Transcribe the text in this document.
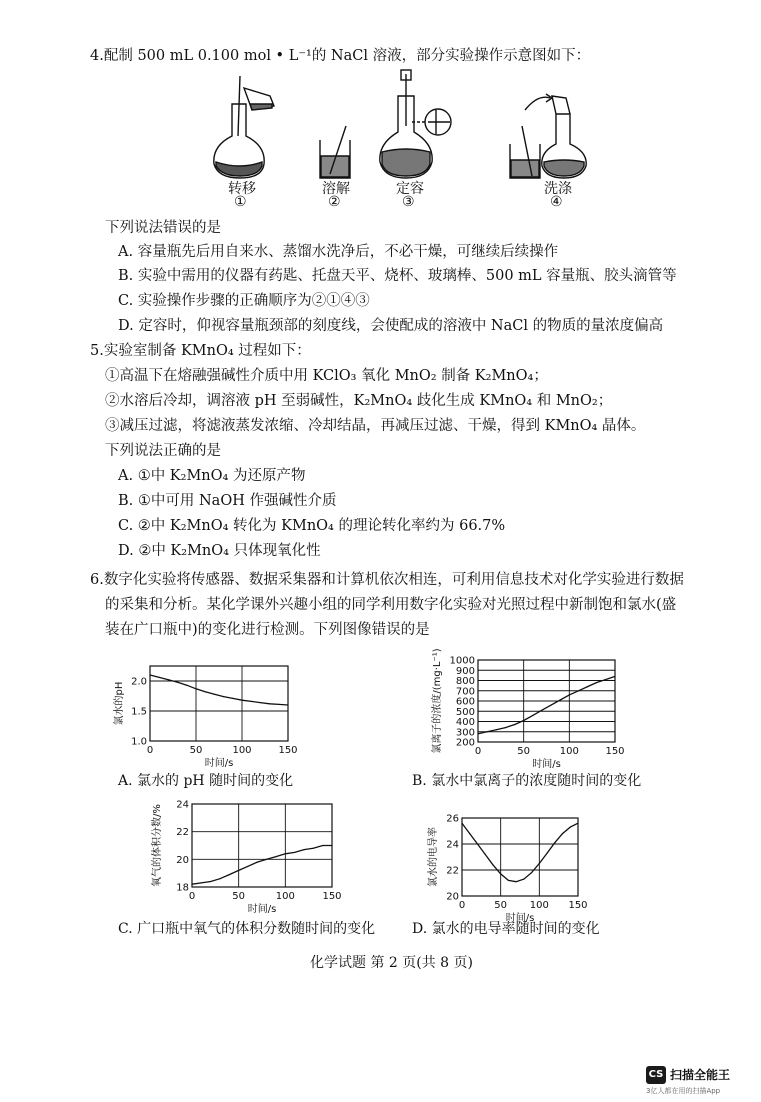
4.配制 500 mL 0.100 mol • L⁻¹的 NaCl 溶液，部分实验操作示意图如下：
转移
①
溶解
②
定容
③
洗涤
④
下列说法错误的是
A. 容量瓶先后用自来水、蒸馏水洗净后，不必干燥，可继续后续操作
B. 实验中需用的仪器有药匙、托盘天平、烧杯、玻璃棒、500 mL 容量瓶、胶头滴管等
C. 实验操作步骤的正确顺序为②①④③
D. 定容时，仰视容量瓶颈部的刻度线，会使配成的溶液中 NaCl 的物质的量浓度偏高
5.实验室制备 KMnO₄ 过程如下：
①高温下在熔融强碱性介质中用 KClO₃ 氧化 MnO₂ 制备 K₂MnO₄；
②水溶后冷却，调溶液 pH 至弱碱性，K₂MnO₄ 歧化生成 KMnO₄ 和 MnO₂；
③减压过滤，将滤液蒸发浓缩、冷却结晶，再减压过滤、干燥，得到 KMnO₄ 晶体。
下列说法正确的是
A. ①中 K₂MnO₄ 为还原产物
B. ①中可用 NaOH 作强碱性介质
C. ②中 K₂MnO₄ 转化为 KMnO₄ 的理论转化率约为 66.7%
D. ②中 K₂MnO₄ 只体现氧化性
6.数字化实验将传感器、数据采集器和计算机依次相连，可利用信息技术对化学实验进行数据
的采集和分析。某化学课外兴趣小组的同学利用数字化实验对光照过程中新制饱和氯水(盛
装在广口瓶中)的变化进行检测。下列图像错误的是
1.0
1.5
2.0
0	50	100	150
时间/s
氯水的pH
200
300
400
500
600
700
800
900
1000
0	50	100	150
时间/s
氯离子的浓度/(mg·L⁻¹)
18
20
22
24
0	50	100	150
时间/s
氧气的体积分数/%
20
22
24
26
0	50 100 150
时间/s
氯水的电导率
A. 氯水的 pH 随时间的变化	B. 氯水中氯离子的浓度随时间的变化
C. 广口瓶中氧气的体积分数随时间的变化	D. 氯水的电导率随时间的变化
化学试题 第 2 页(共 8 页)
CS 扫描全能王
3亿人都在用的扫描App
